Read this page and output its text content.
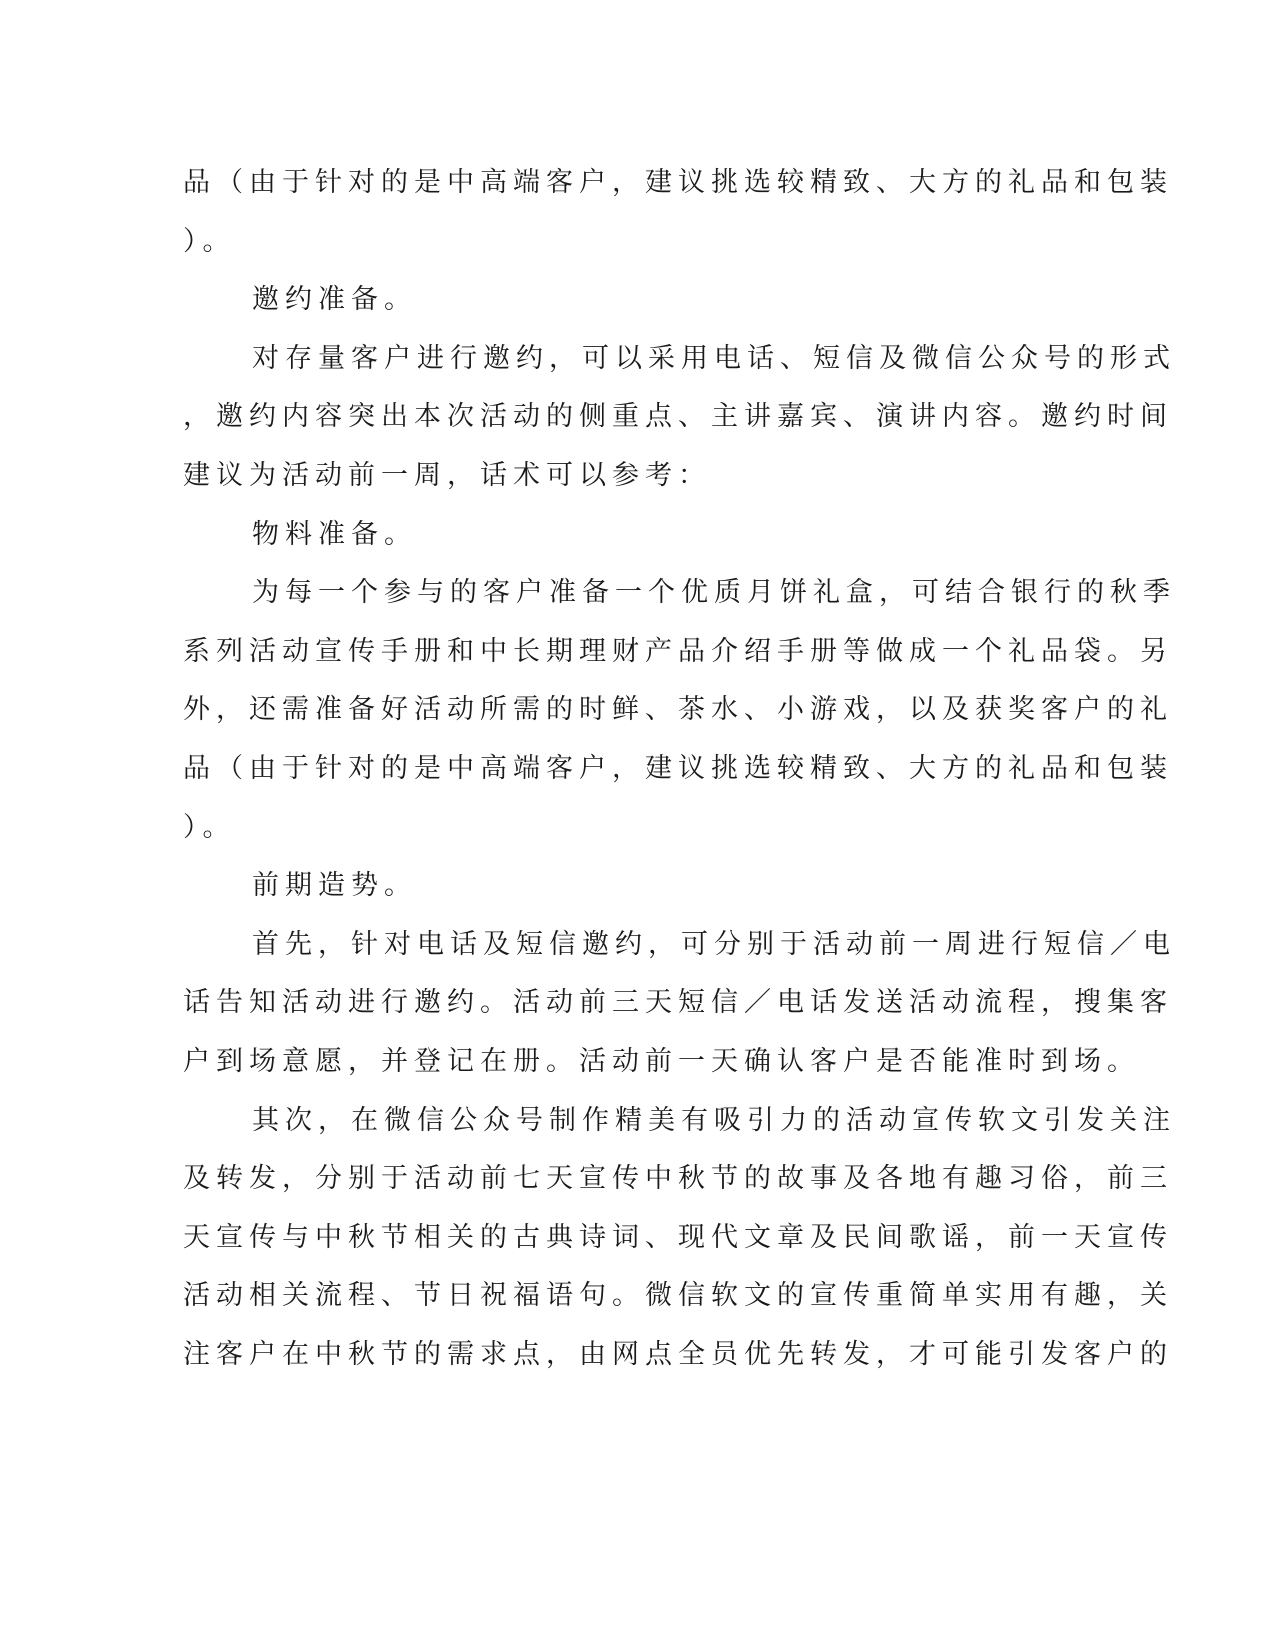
品（由于针对的是中高端客户，建议挑选较精致、大方的礼品和包装
）。
邀约准备。
对存量客户进行邀约，可以采用电话、短信及微信公众号的形式
，邀约内容突出本次活动的侧重点、主讲嘉宾、演讲内容。邀约时间
建议为活动前一周，话术可以参考：
物料准备。
为每一个参与的客户准备一个优质月饼礼盒，可结合银行的秋季
系列活动宣传手册和中长期理财产品介绍手册等做成一个礼品袋。另
外，还需准备好活动所需的时鲜、茶水、小游戏，以及获奖客户的礼
品（由于针对的是中高端客户，建议挑选较精致、大方的礼品和包装
）。
前期造势。
首先，针对电话及短信邀约，可分别于活动前一周进行短信／电
话告知活动进行邀约。活动前三天短信／电话发送活动流程，搜集客
户到场意愿，并登记在册。活动前一天确认客户是否能准时到场。
其次，在微信公众号制作精美有吸引力的活动宣传软文引发关注
及转发，分别于活动前七天宣传中秋节的故事及各地有趣习俗，前三
天宣传与中秋节相关的古典诗词、现代文章及民间歌谣，前一天宣传
活动相关流程、节日祝福语句。微信软文的宣传重简单实用有趣，关
注客户在中秋节的需求点，由网点全员优先转发，才可能引发客户的
